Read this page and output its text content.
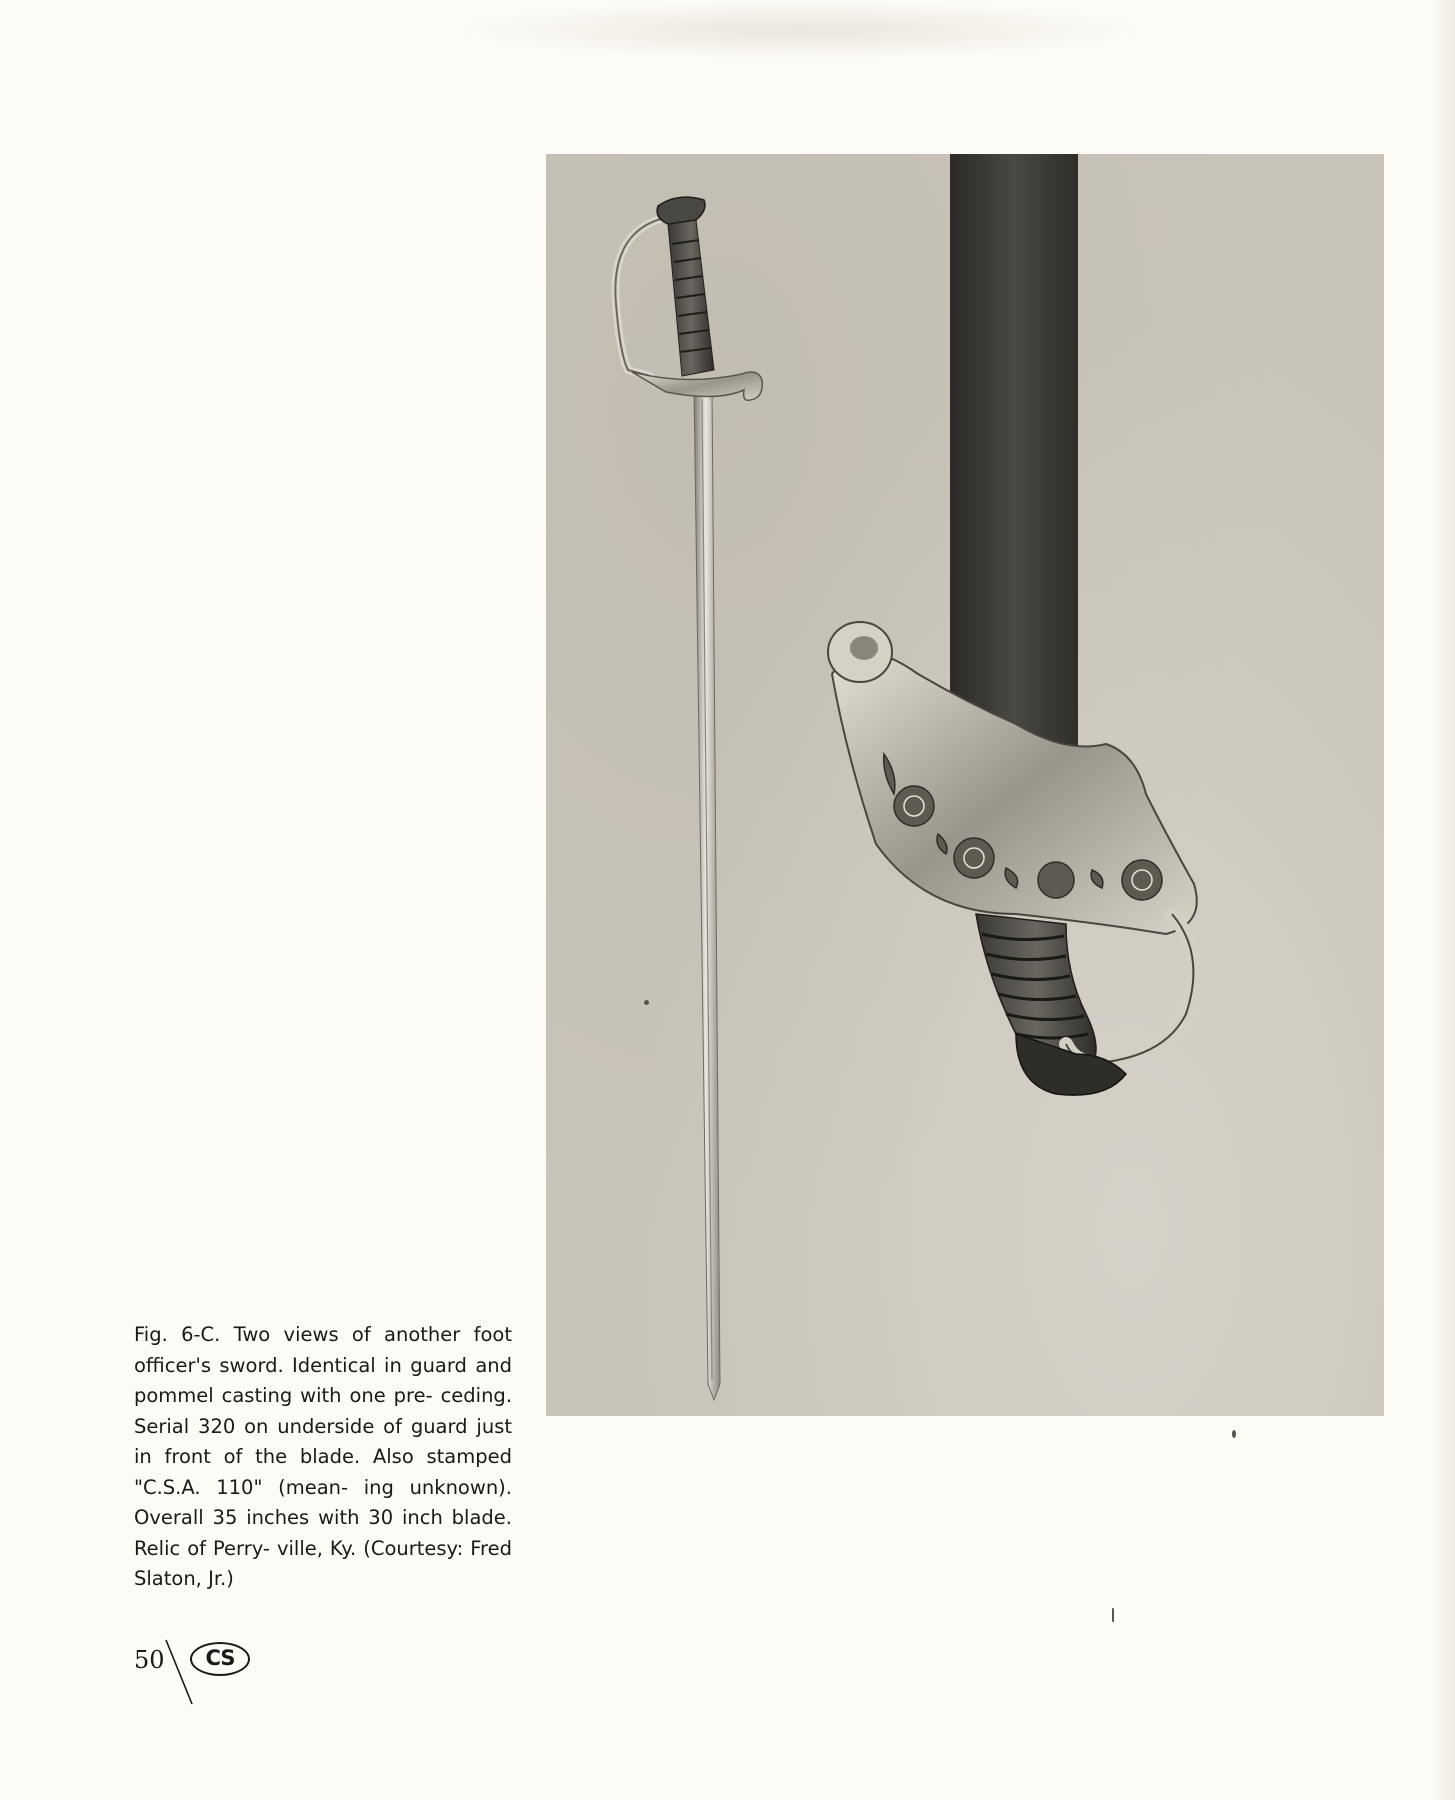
Fig. 6-C. Two views of another foot officer's sword. Identical in guard and pommel casting with one pre- ceding. Serial 320 on underside of guard just in front of the blade. Also stamped "C.S.A. 110" (mean- ing unknown). Overall 35 inches with 30 inch blade. Relic of Perry- ville, Ky. (Courtesy: Fred Slaton, Jr.)

50	CS
